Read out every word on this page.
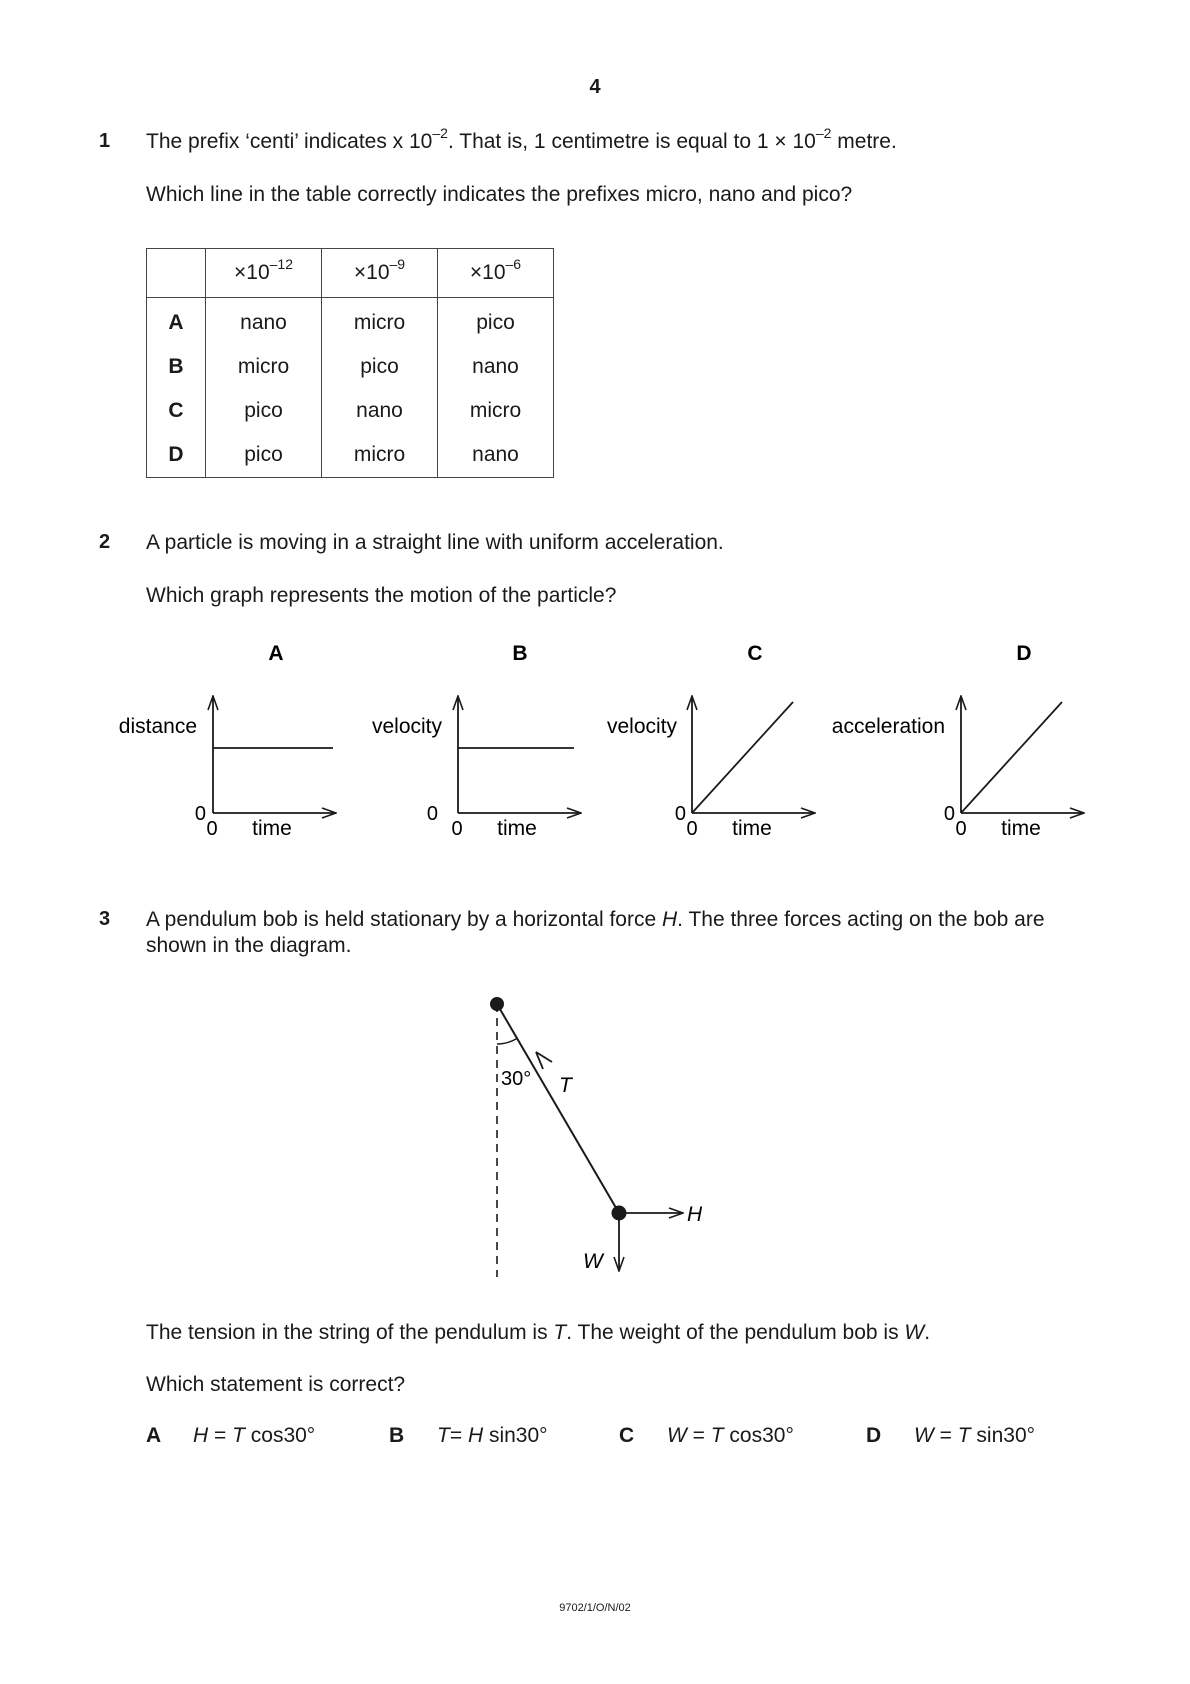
4
1 The prefix ‘centi’ indicates x $10^{-2}$. That is, 1 centimetre is equal to $1 \times 10^{-2}$ metre.
Which line in the table correctly indicates the prefixes micro, nano and pico?
	$\times 10^{-12}$	$\times 10^{-9}$	$\times 10^{-6}$
A	nano	micro	pico
B	micro	pico	nano
C	pico	nano	micro
D	pico	micro	nano
2 A particle is moving in a straight line with uniform acceleration.
Which graph represents the motion of the particle?
A
distance
0
0 time
B
velocity
0
0 time
C
velocity
0
0 time
D
acceleration
0
0 time
3 A pendulum bob is held stationary by a horizontal force H. The three forces acting on the bob are
shown in the diagram.
30° T
H
W
The tension in the string of the pendulum is T. The weight of the pendulum bob is W.
Which statement is correct?
A H = T cos30°	B T= H sin30°	C W = T cos30°	D W = T sin30°
9702/1/O/N/02
